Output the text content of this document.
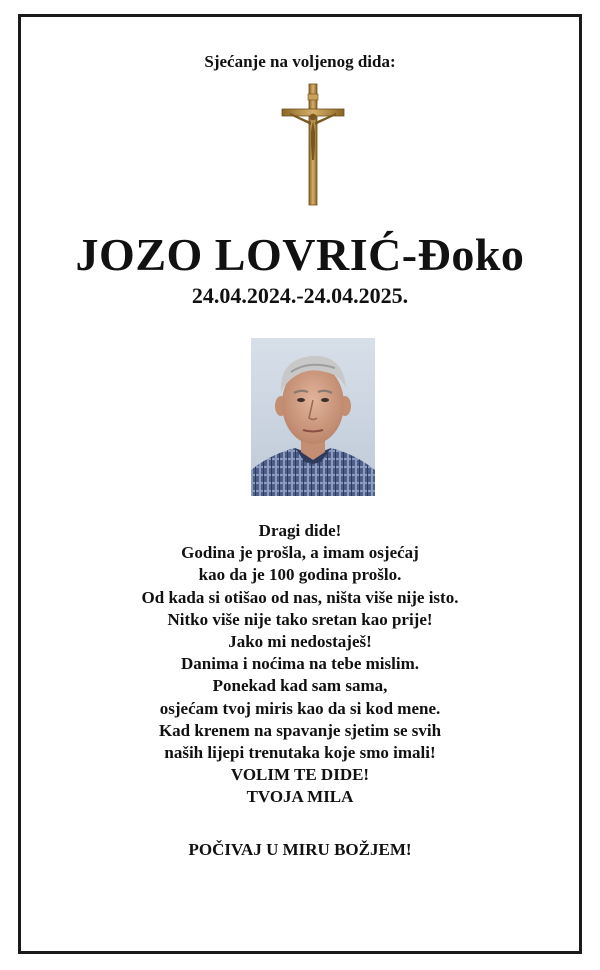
Sjećanje na voljenog dida:
JOZO LOVRIĆ-Đoko
24.04.2024.-24.04.2025.
Dragi dide!
Godina je prošla, a imam osjećaj
kao da je 100 godina prošlo.
Od kada si otišao od nas, ništa više nije isto.
Nitko više nije tako sretan kao prije!
Jako mi nedostaješ!
Danima i noćima na tebe mislim.
Ponekad kad sam sama,
osjećam tvoj miris kao da si kod mene.
Kad krenem na spavanje sjetim se svih
naših lijepi trenutaka koje smo imali!
VOLIM TE DIDE!
TVOJA MILA
POČIVAJ U MIRU BOŽJEM!
